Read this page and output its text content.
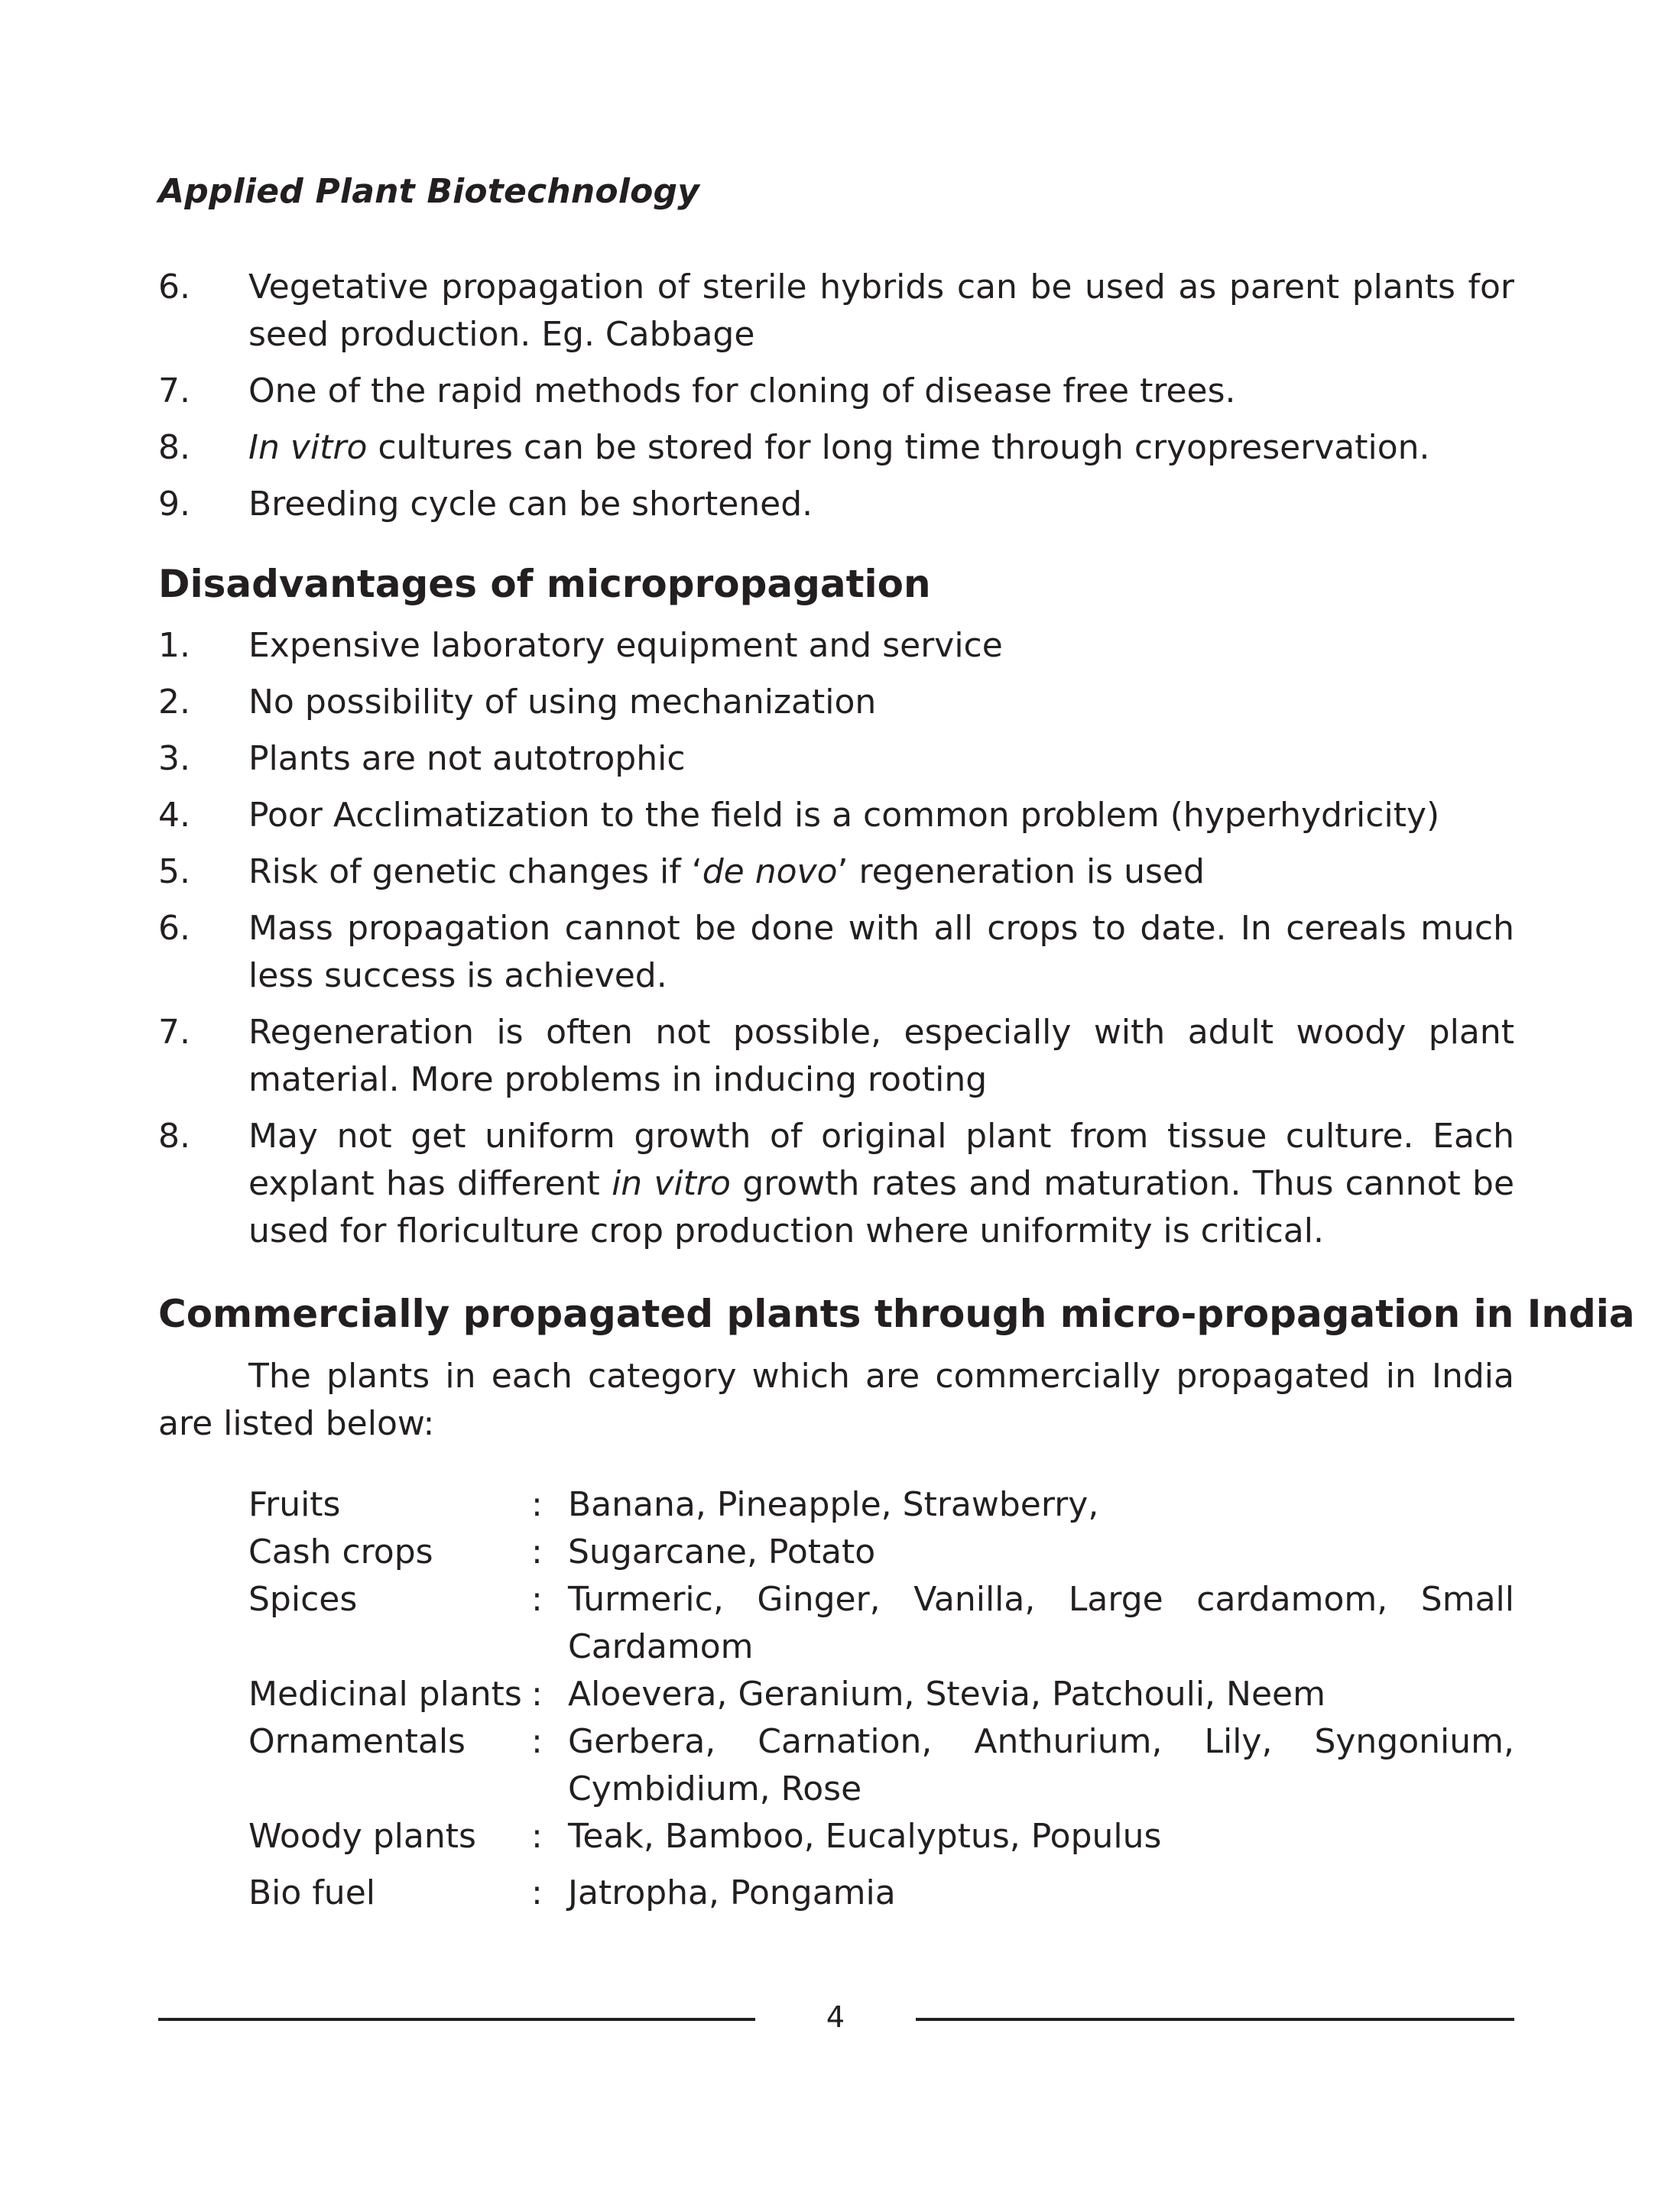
Applied Plant Biotechnology
6.	Vegetative propagation of sterile hybrids can be used as parent plants for seed production. Eg. Cabbage
7.	One of the rapid methods for cloning of disease free trees.
8.	In vitro cultures can be stored for long time through cryopreservation.
9.	Breeding cycle can be shortened.
Disadvantages of micropropagation
1.	Expensive laboratory equipment and service
2.	No possibility of using mechanization
3.	Plants are not autotrophic
4.	Poor Acclimatization to the field is a common problem (hyperhydricity)
5.	Risk of genetic changes if ‘de novo’ regeneration is used
6.	Mass propagation cannot be done with all crops to date. In cereals much less success is achieved.
7.	Regeneration is often not possible, especially with adult woody plant material. More problems in inducing rooting
8.	May not get uniform growth of original plant from tissue culture. Each explant has different in vitro growth rates and maturation. Thus cannot be used for floriculture crop production where uniformity is critical.
Commercially propagated plants through micro-propagation in India

The plants in each category which are commercially propagated in India are listed below:

Fruits	: Banana, Pineapple, Strawberry,
Cash crops	: Sugarcane, Potato
Spices	: Turmeric, Ginger, Vanilla, Large cardamom, Small Cardamom
Medicinal plants : Aloevera, Geranium, Stevia, Patchouli, Neem
Ornamentals	: Gerbera, Carnation, Anthurium, Lily, Syngonium, Cymbidium, Rose
Woody plants	: Teak, Bamboo, Eucalyptus, Populus
Bio fuel	: Jatropha, Pongamia
4
